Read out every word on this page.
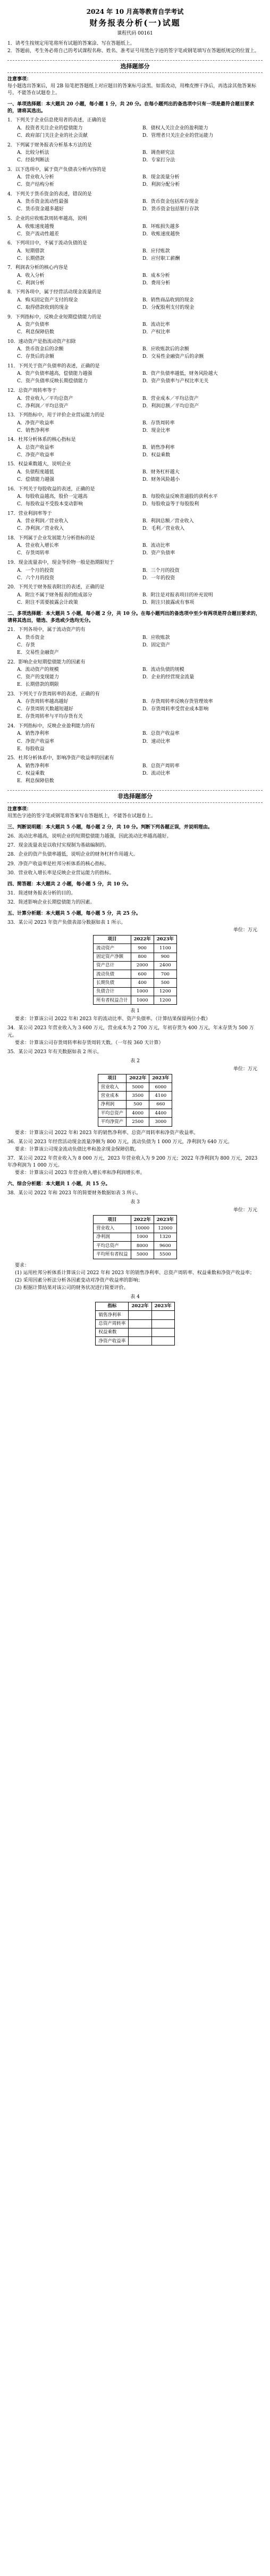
2024 年 10 月高等教育自学考试
财务报表分析(一)试题
课程代码 00161

1．请考生按规定用笔将所有试题的答案涂、写在答题纸上。

2．答题前，考生务必将自己的考试课程名称、姓名、准考证号用黑色字迹的签字笔或钢笔填写在答题纸规定的位置上。

选择题部分
注意事项：
每小题选出答案后，用 2B 铅笔把答题纸上对应题目的答案标号涂黑。如需改动，用橡皮擦干净后，再选涂其他答案标号。不能答在试题卷上。
一、单项选择题：本大题共 20 小题，每小题 1 分，共 20 分。在每小题列出的备选项中只有一项是最符合题目要求的，请将其选出。
1．下列关于企业信息使用者的表述，正确的是
A．投资者关注企业的偿债能力	B．债权人关注企业的盈利能力
C．政府部门关注企业的社会贡献	D．管理者只关注企业的营运能力
2．下列属于财务报表分析基本方法的是
A．比较分析法	B．调查研究法
C．经验判断法	D．专家打分法
3．以下选项中，属于资产负债表分析内容的是
A．营业收入分析	B．现金流量分析
C．资产结构分析	D．利润分配分析
4．下列关于货币资金的表述，错误的是
A．货币资金流动性最强	B．货币资金包括库存现金
C．货币资金越多越好	D．货币资金包括银行存款
5．企业的应收账款周转率越高，说明
A．收账速度越慢	B．坏账损失越多
C．资产流动性越差	D．收账速度越快
6．下列项目中，不属于流动负债的是
A．短期借款	B．应付账款
C．长期借款	D．应付职工薪酬
7．利润表分析的核心内容是
A．收入分析	B．成本分析
C．利润分析	D．费用分析
8．下列各项中，属于经营活动现金流量的是
A．购买固定资产支付的现金	B．销售商品收到的现金
C．取得借款收到的现金	D．分配股利支付的现金
9．下列指标中，反映企业短期偿债能力的是
A．资产负债率	B．流动比率
C．利息保障倍数	D．产权比率
10．速动资产是指流动资产扣除
A．货币资金后的余额	B．应收账款后的余额
C．存货后的余额	D．交易性金融资产后的余额
11．下列关于资产负债率的表述，正确的是
A．资产负债率越高，偿债能力越强	B．资产负债率越低，财务风险越大
C．资产负债率反映长期偿债能力	D．资产负债率与产权比率无关
12．总资产周转率等于
A．营业收入／平均总资产	B．营业成本／平均总资产
C．净利润／平均总资产	D．利润总额／平均总资产
13．下列指标中，用于评价企业营运能力的是
A．净资产收益率	B．存货周转率
C．销售净利率	D．现金比率
14．杜邦分析体系的核心指标是
A．总资产收益率	B．销售净利率
C．净资产收益率	D．权益乘数
15．权益乘数越大，说明企业
A．负债程度越低	B．财务杠杆越大
C．偿债能力越强	D．财务风险越小
16．下列关于每股收益的表述，正确的是
A．每股收益越高，股价一定越高	B．每股收益反映普通股的获利水平
C．每股收益不受股本变动影响	D．每股收益等于每股股利
17．营业利润率等于
A．营业利润／营业收入	B．利润总额／营业收入
C．净利润／营业收入	D．毛利／营业收入
18．下列属于企业发展能力分析指标的是
A．营业收入增长率	B．流动比率
C．存货周转率	D．资产负债率
19．现金流量表中，现金等价物一般是指期限短于
A．一个月的投资	B．三个月的投资
C．六个月的投资	D．一年的投资
20．下列关于财务报表附注的表述，正确的是
A．附注不属于财务报表的组成部分	B．附注是对报表项目的补充说明
C．附注不需要披露会计政策	D．附注只披露或有事项
二、多项选择题：本大题共 5 小题，每小题 2 分，共 10 分。在每小题列出的备选项中至少有两项是符合题目要求的，请将其选出，错选、多选或少选均无分。
21．下列各项中，属于流动资产的有
A．货币资金	B．应收账款
C．存货	D．固定资产
E．交易性金融资产
22．影响企业短期偿债能力的因素有
A．流动资产的规模	B．流动负债的规模
C．资产的变现能力	D．企业的经营现金流量
E．长期借款的期限
23．下列关于存货周转率的表述，正确的有
A．存货周转率越高越好	B．存货周转率反映存货管理效率
C．存货周转天数越短越好	D．存货周转率受营业成本影响
E．存货周转率与平均存货有关
24．下列指标中，反映企业盈利能力的有
A．销售净利率	B．总资产收益率
C．净资产收益率	D．速动比率
E．每股收益
25．杜邦分析体系中，影响净资产收益率的因素有
A．销售净利率	B．总资产周转率
C．权益乘数	D．流动比率
E．利息保障倍数
非选择题部分
注意事项：
用黑色字迹的签字笔或钢笔将答案写在答题纸上，不能答在试题卷上。
三、判断说明题：本大题共 5 小题，每小题 2 分，共 10 分。判断下列各题正误，并说明理由。
26．流动比率越高，说明企业的短期偿债能力越强，因此流动比率越高越好。
27．现金流量表是以收付实现制为基础编制的。
28．企业的资产负债率越低，说明企业的财务杠杆作用越大。
29．净资产收益率是杜邦分析体系的核心指标。
30．营业收入增长率是反映企业营运能力的指标。
四、简答题：本大题共 2 小题，每小题 5 分，共 10 分。
31．简述财务报表分析的目的。
32．简述影响企业长期偿债能力的因素。
五、计算分析题：本大题共 5 小题，每小题 5 分，共 25 分。
33．某公司 2023 年资产负债表部分数据如表 1 所示。
单位：万元
项目	2022年	2023年
流动资产	900	1100
固定资产净额	800	900
资产总计	2000	2400
流动负债	600	700
长期负债	400	500
负债合计	1000	1200
所有者权益合计	1000	1200
表 1
要求：计算该公司 2022 年和 2023 年的流动比率、资产负债率。（计算结果保留两位小数）
34．某公司 2023 年营业收入为 3 600 万元，营业成本为 2 700 万元，年初存货为 400 万元，年末存货为 500 万元。
要求：计算该公司存货周转率和存货周转天数。（一年按 360 天计算）
35．某公司 2023 年有关数据如表 2 所示。
表 2
单位：万元
项目	2022年	2023年
营业收入	5000	6000
营业成本	3500	4100
净利润	500	660
平均总资产	4000	4400
平均净资产	2500	3000
要求：计算该公司 2022 年和 2023 年的销售净利率、总资产周转率和净资产收益率。
36．某公司 2023 年经营活动现金流量净额为 800 万元，流动负债为 1 000 万元，净利润为 640 万元。
要求：计算该公司现金流动负债比率和盈余现金保障倍数。
37．某公司 2022 年营业收入为 8 000 万元，2023 年营业收入为 9 200 万元；2022 年净利润为 800 万元，2023 年净利润为 1 000 万元。
要求：计算该公司 2023 年营业收入增长率和净利润增长率。
六、综合分析题：本大题共 1 小题，共 15 分。
38．某公司 2022 年和 2023 年的简要财务数据如表 3 所示。
表 3
单位：万元
项目	2022年	2023年
营业收入	10000	12000
净利润	1000	1320
平均总资产	8000	9600
平均所有者权益	5000	5500
要求：
(1) 运用杜邦分析体系计算该公司 2022 年和 2023 年的销售净利率、总资产周转率、权益乘数和净资产收益率；
(2) 采用因素分析法分析各因素变动对净资产收益率的影响；
(3) 根据计算结果对该公司的财务状况进行简要评价。
表 4
指标	2022年	2023年
销售净利率		
总资产周转率		
权益乘数		
净资产收益率		
